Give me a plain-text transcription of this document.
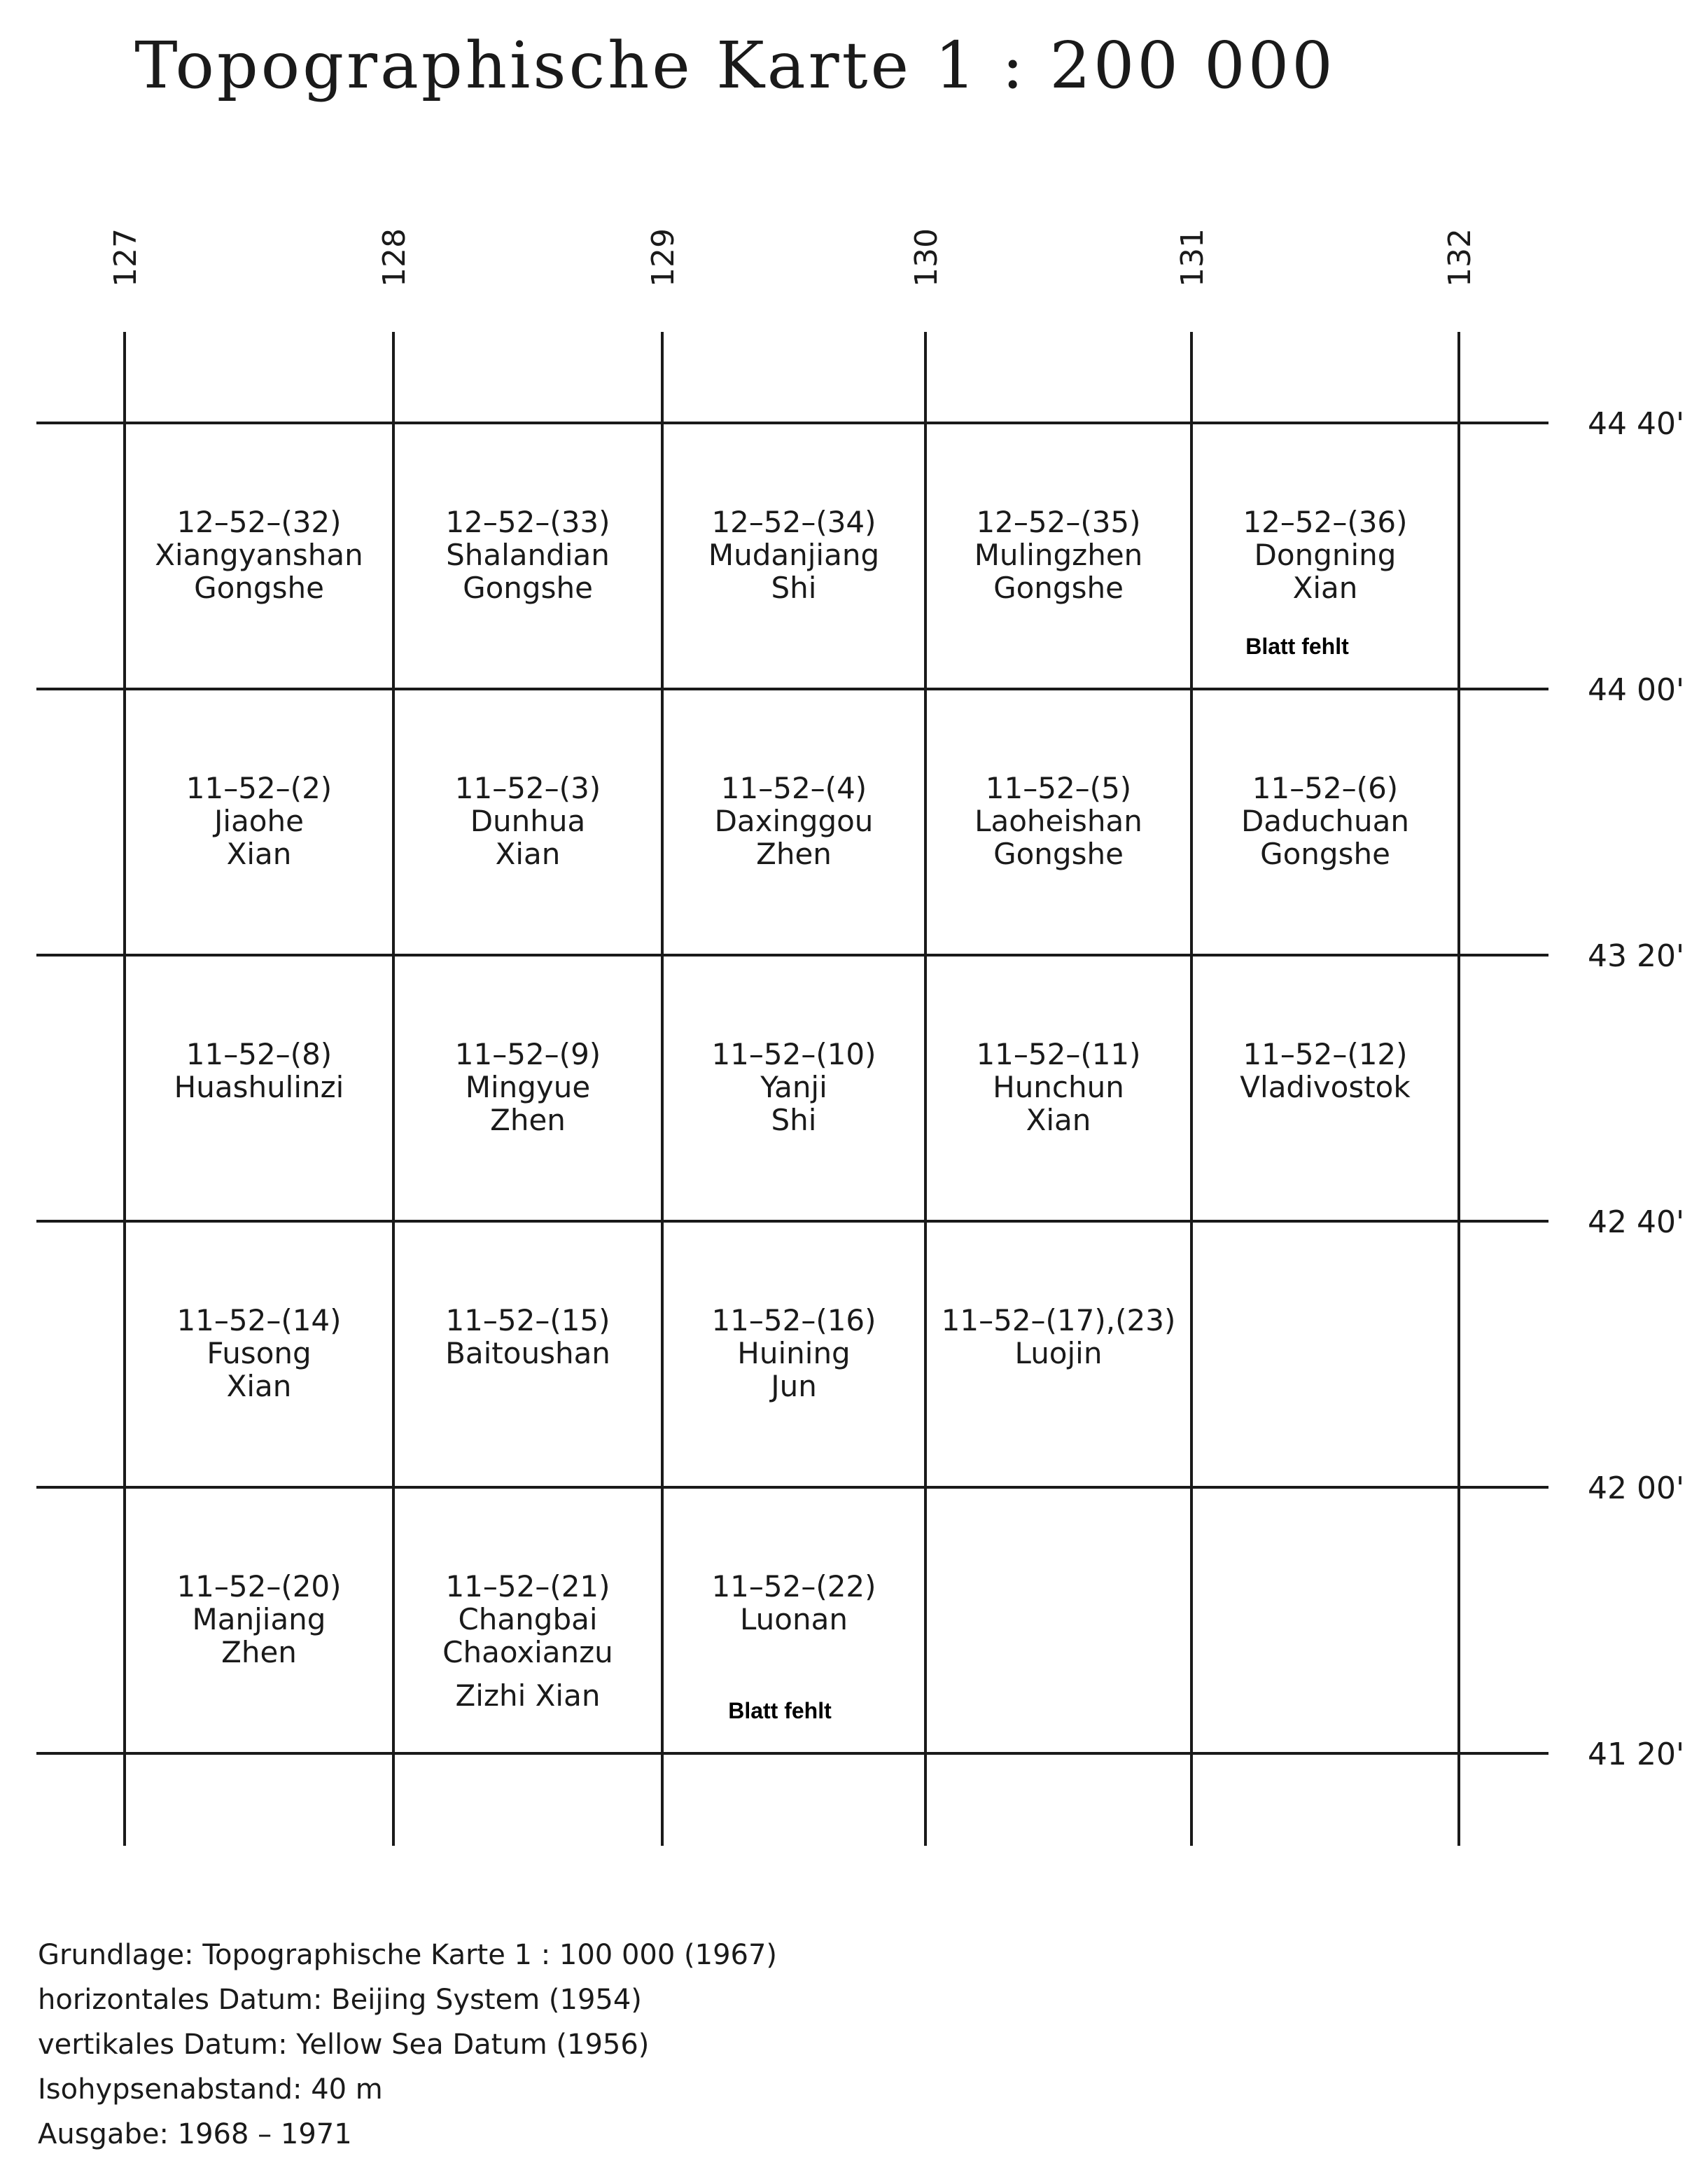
Topographische Karte 1 : 200 000
127	128	129	130	131	132
44 40'
44 00'
43 20'
42 40'
42 00'
41 20'
12–52–(32)
Xiangyanshan
Gongshe
12–52–(33)
Shalandian
Gongshe
12–52–(34)
Mudanjiang
Shi
12–52–(35)
Mulingzhen
Gongshe
12–52–(36)
Dongning
Xian
Blatt fehlt
11–52–(2)
Jiaohe
Xian
11–52–(3)
Dunhua
Xian
11–52–(4)
Daxinggou
Zhen
11–52–(5)
Laoheishan
Gongshe
11–52–(6)
Daduchuan
Gongshe
11–52–(8)
Huashulinzi
11–52–(9)
Mingyue
Zhen
11–52–(10)
Yanji
Shi
11–52–(11)
Hunchun
Xian
11–52–(12)
Vladivostok
11–52–(14)
Fusong
Xian
11–52–(15)
Baitoushan
11–52–(16)
Huining
Jun
11–52–(17),(23)
Luojin
11–52–(20)
Manjiang
Zhen
11–52–(21)
Changbai
Chaoxianzu
Zizhi Xian
11–52–(22)
Luonan
Blatt fehlt
Grundlage: Topographische Karte 1 : 100 000 (1967)
horizontales Datum: Beijing System (1954)
vertikales Datum: Yellow Sea Datum (1956)
Isohypsenabstand: 40 m
Ausgabe: 1968 – 1971
